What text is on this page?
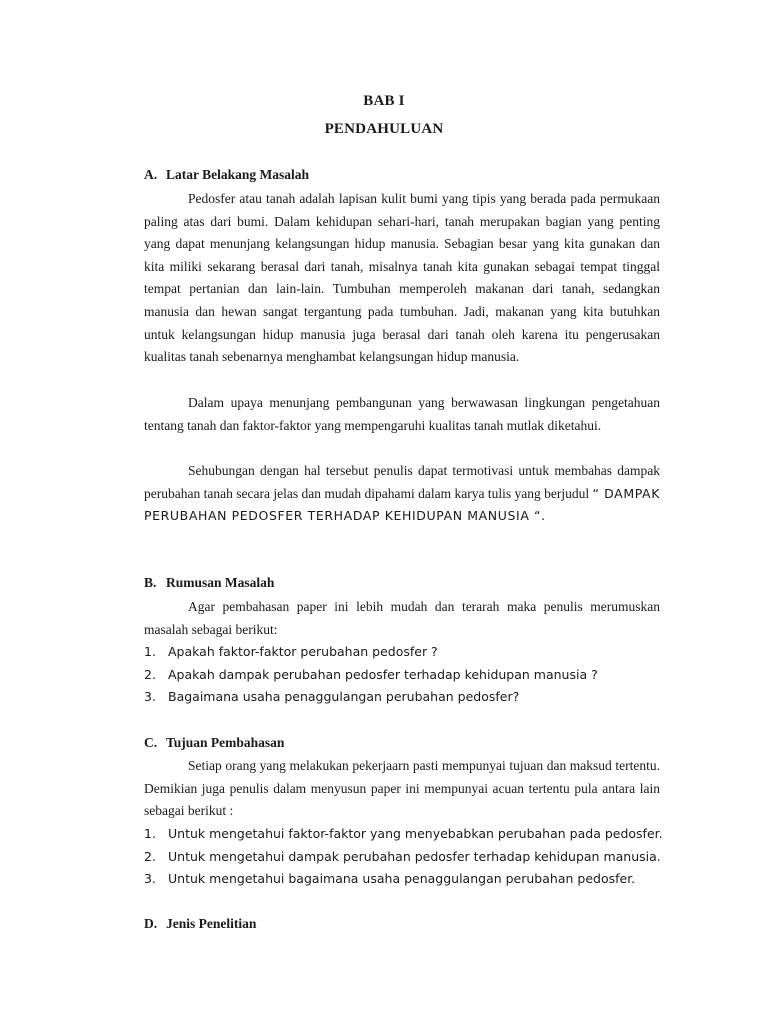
BAB I
PENDAHULUAN
A. Latar Belakang Masalah

Pedosfer atau tanah adalah lapisan kulit bumi yang tipis yang berada pada permukaan paling atas dari bumi. Dalam kehidupan sehari-hari, tanah merupakan bagian yang penting yang dapat menunjang kelangsungan hidup manusia. Sebagian besar yang kita gunakan dan kita miliki sekarang berasal dari tanah, misalnya tanah kita gunakan sebagai tempat tinggal tempat pertanian dan lain-lain. Tumbuhan memperoleh makanan dari tanah, sedangkan manusia dan hewan sangat tergantung pada tumbuhan. Jadi, makanan yang kita butuhkan untuk kelangsungan hidup manusia juga berasal dari tanah oleh karena itu pengerusakan kualitas tanah sebenarnya menghambat kelangsungan hidup manusia.

Dalam upaya menunjang pembangunan yang berwawasan lingkungan pengetahuan tentang tanah dan faktor-faktor yang mempengaruhi kualitas tanah mutlak diketahui.

Sehubungan dengan hal tersebut penulis dapat termotivasi untuk membahas dampak perubahan tanah secara jelas dan mudah dipahami dalam karya tulis yang berjudul “ DAMPAK PERUBAHAN PEDOSFER TERHADAP KEHIDUPAN MANUSIA “.

B. Rumusan Masalah

Agar pembahasan paper ini lebih mudah dan terarah maka penulis merumuskan masalah sebagai berikut:

1. Apakah faktor-faktor perubahan pedosfer ?
2. Apakah dampak perubahan pedosfer terhadap kehidupan manusia ?
3. Bagaimana usaha penaggulangan perubahan pedosfer?
C. Tujuan Pembahasan

Setiap orang yang melakukan pekerjaarn pasti mempunyai tujuan dan maksud tertentu. Demikian juga penulis dalam menyusun paper ini mempunyai acuan tertentu pula antara lain sebagai berikut :

1. Untuk mengetahui faktor-faktor yang menyebabkan perubahan pada pedosfer.
2. Untuk mengetahui dampak perubahan pedosfer terhadap kehidupan manusia.
3. Untuk mengetahui bagaimana usaha penaggulangan perubahan pedosfer.
D. Jenis Penelitian
